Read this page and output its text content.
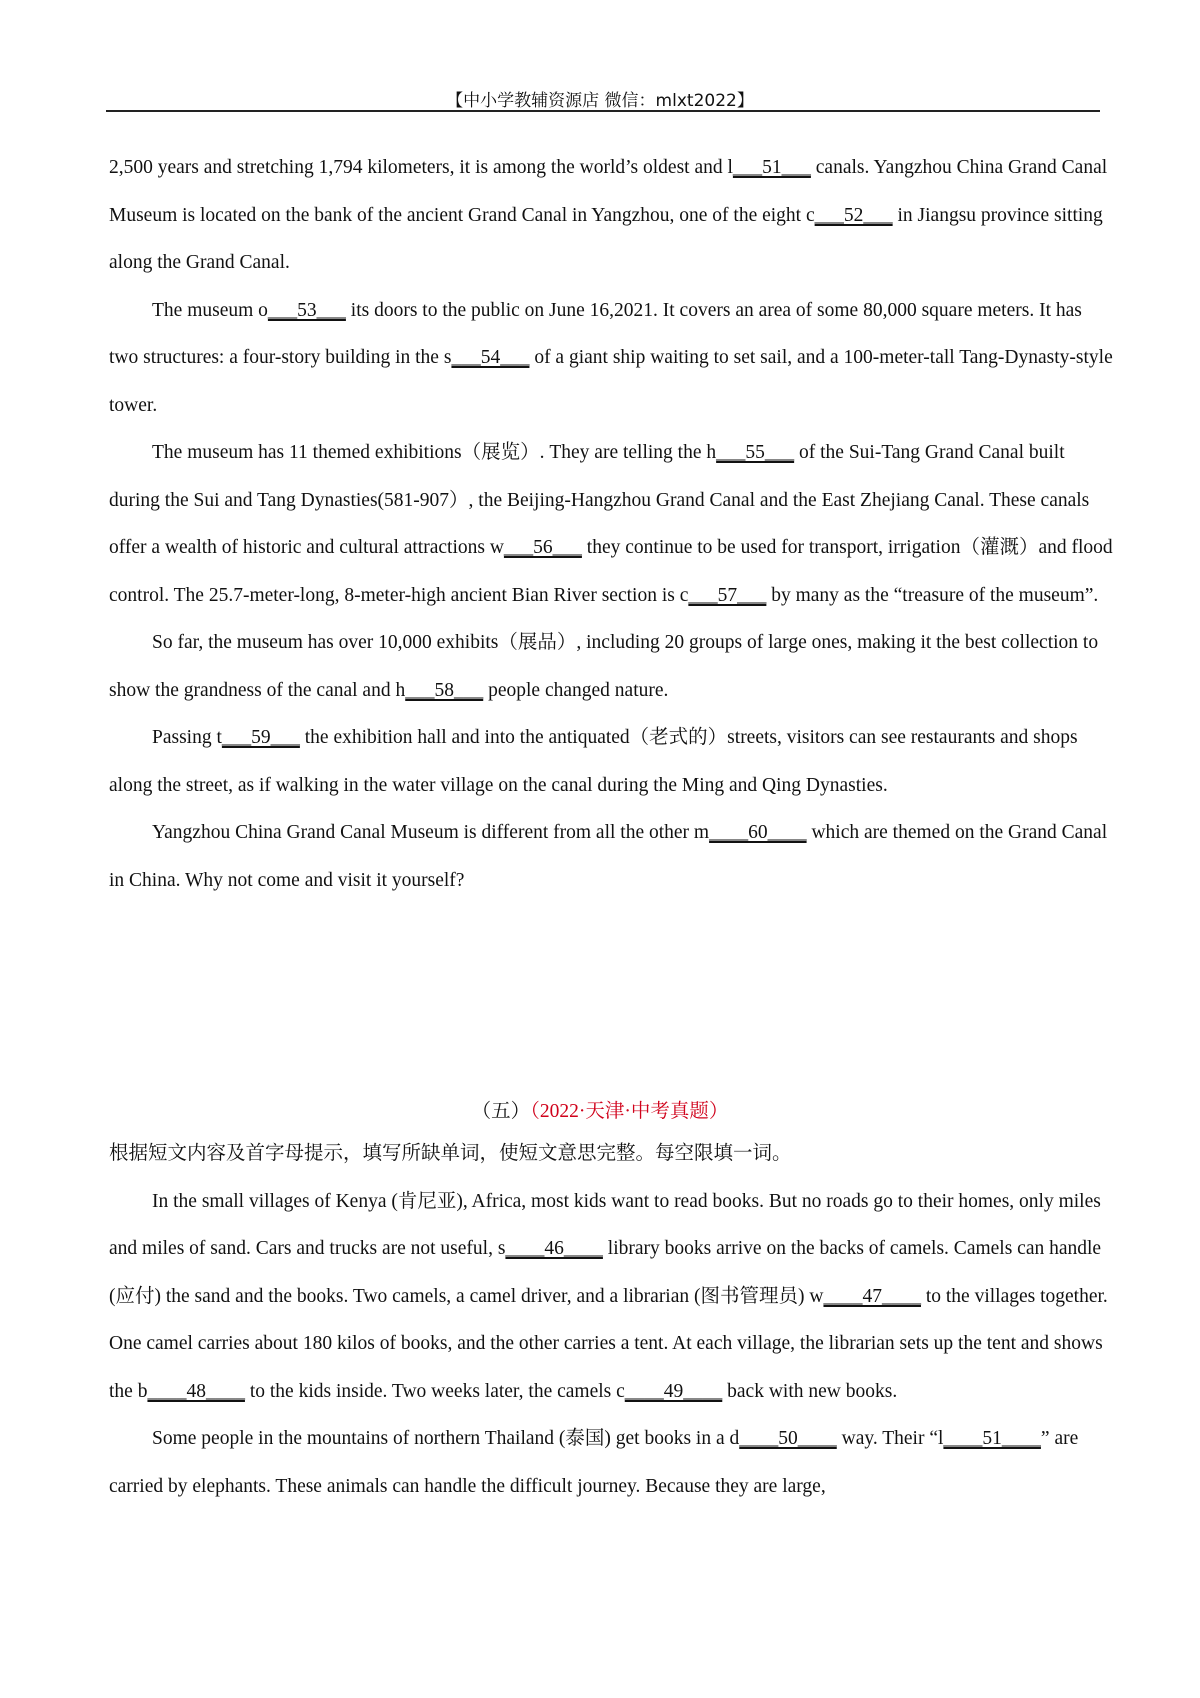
【中小学教辅资源店 微信：mlxt2022】

2,500 years and stretching 1,794 kilometers, it is among the world’s oldest and l___51___ canals. Yangzhou China Grand Canal Museum is located on the bank of the ancient Grand Canal in Yangzhou, one of the eight c___52___ in Jiangsu province sitting along the Grand Canal.

The museum o___53___ its doors to the public on June 16,2021. It covers an area of some 80,000 square meters. It has two structures: a four-story building in the s___54___ of a giant ship waiting to set sail, and a 100-meter-tall Tang-Dynasty-style tower.

The museum has 11 themed exhibitions（展览）. They are telling the h___55___ of the Sui-Tang Grand Canal built during the Sui and Tang Dynasties(581-907）, the Beijing-Hangzhou Grand Canal and the East Zhejiang Canal. These canals offer a wealth of historic and cultural attractions w___56___ they continue to be used for transport, irrigation（灌溉）and flood control. The 25.7-meter-long, 8-meter-high ancient Bian River section is c___57___ by many as the “treasure of the museum”.

So far, the museum has over 10,000 exhibits（展品）, including 20 groups of large ones, making it the best collection to show the grandness of the canal and h___58___ people changed nature.

Passing t___59___ the exhibition hall and into the antiquated（老式的）streets, visitors can see restaurants and shops along the street, as if walking in the water village on the canal during the Ming and Qing Dynasties.

Yangzhou China Grand Canal Museum is different from all the other m____60____ which are themed on the Grand Canal in China. Why not come and visit it yourself?

（五）（2022·天津·中考真题）

根据短文内容及首字母提示，填写所缺单词，使短文意思完整。每空限填一词。

In the small villages of Kenya (肯尼亚), Africa, most kids want to read books. But no roads go to their homes, only miles and miles of sand. Cars and trucks are not useful, s____46____ library books arrive on the backs of camels. Camels can handle (应付) the sand and the books. Two camels, a camel driver, and a librarian (图书管理员) w____47____ to the villages together. One camel carries about 180 kilos of books, and the other carries a tent. At each village, the librarian sets up the tent and shows the b____48____ to the kids inside. Two weeks later, the camels c____49____ back with new books.

Some people in the mountains of northern Thailand (泰国) get books in a d____50____ way. Their “l____51____” are carried by elephants. These animals can handle the difficult journey. Because they are large,
